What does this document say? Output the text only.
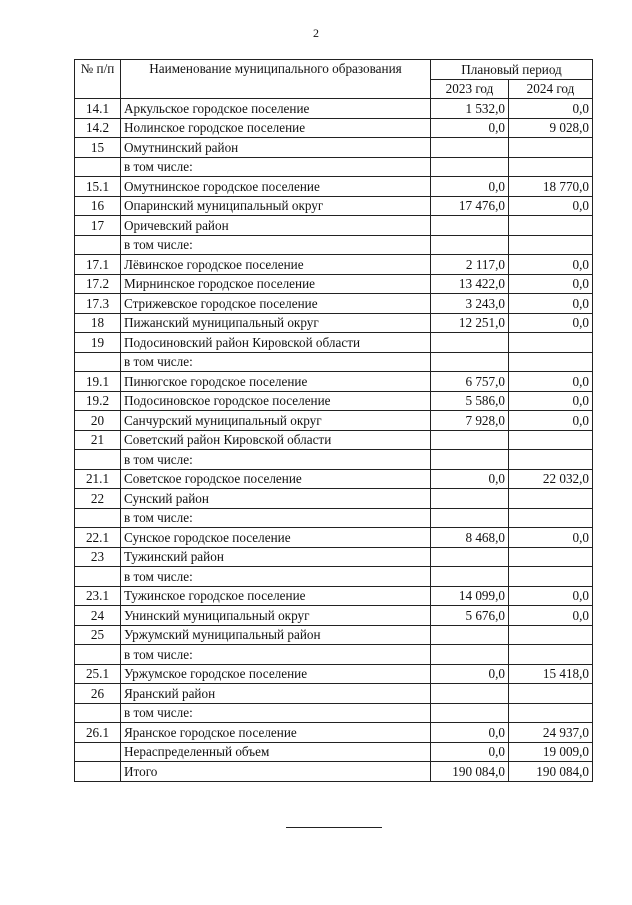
2
№ п/п	Наименование муниципального образования	Плановый период	
		2023 год	2024 год
14.1	Аркульское городское поселение	1 532,0	0,0
14.2	Нолинское городское поселение	0,0	9 028,0
15	Омутнинский район		
	в том числе:		
15.1	Омутнинское городское поселение	0,0	18 770,0
16	Опаринский муниципальный округ	17 476,0	0,0
17	Оричевский район		
	в том числе:		
17.1	Лёвинское городское поселение	2 117,0	0,0
17.2	Мирнинское городское поселение	13 422,0	0,0
17.3	Стрижевское городское поселение	3 243,0	0,0
18	Пижанский муниципальный округ	12 251,0	0,0
19	Подосиновский район Кировской области		
	в том числе:		
19.1	Пинюгское городское поселение	6 757,0	0,0
19.2	Подосиновское городское поселение	5 586,0	0,0
20	Санчурский муниципальный округ	7 928,0	0,0
21	Советский район Кировской области		
	в том числе:		
21.1	Советское городское поселение	0,0	22 032,0
22	Сунский район		
	в том числе:		
22.1	Сунское городское поселение	8 468,0	0,0
23	Тужинский район		
	в том числе:		
23.1	Тужинское городское поселение	14 099,0	0,0
24	Унинский муниципальный округ	5 676,0	0,0
25	Уржумский муниципальный район		
	в том числе:		
25.1	Уржумское городское поселение	0,0	15 418,0
26	Яранский район		
	в том числе:		
26.1	Яранское городское поселение	0,0	24 937,0
	Нераспределенный объем	0,0	19 009,0
	Итого	190 084,0	190 084,0
